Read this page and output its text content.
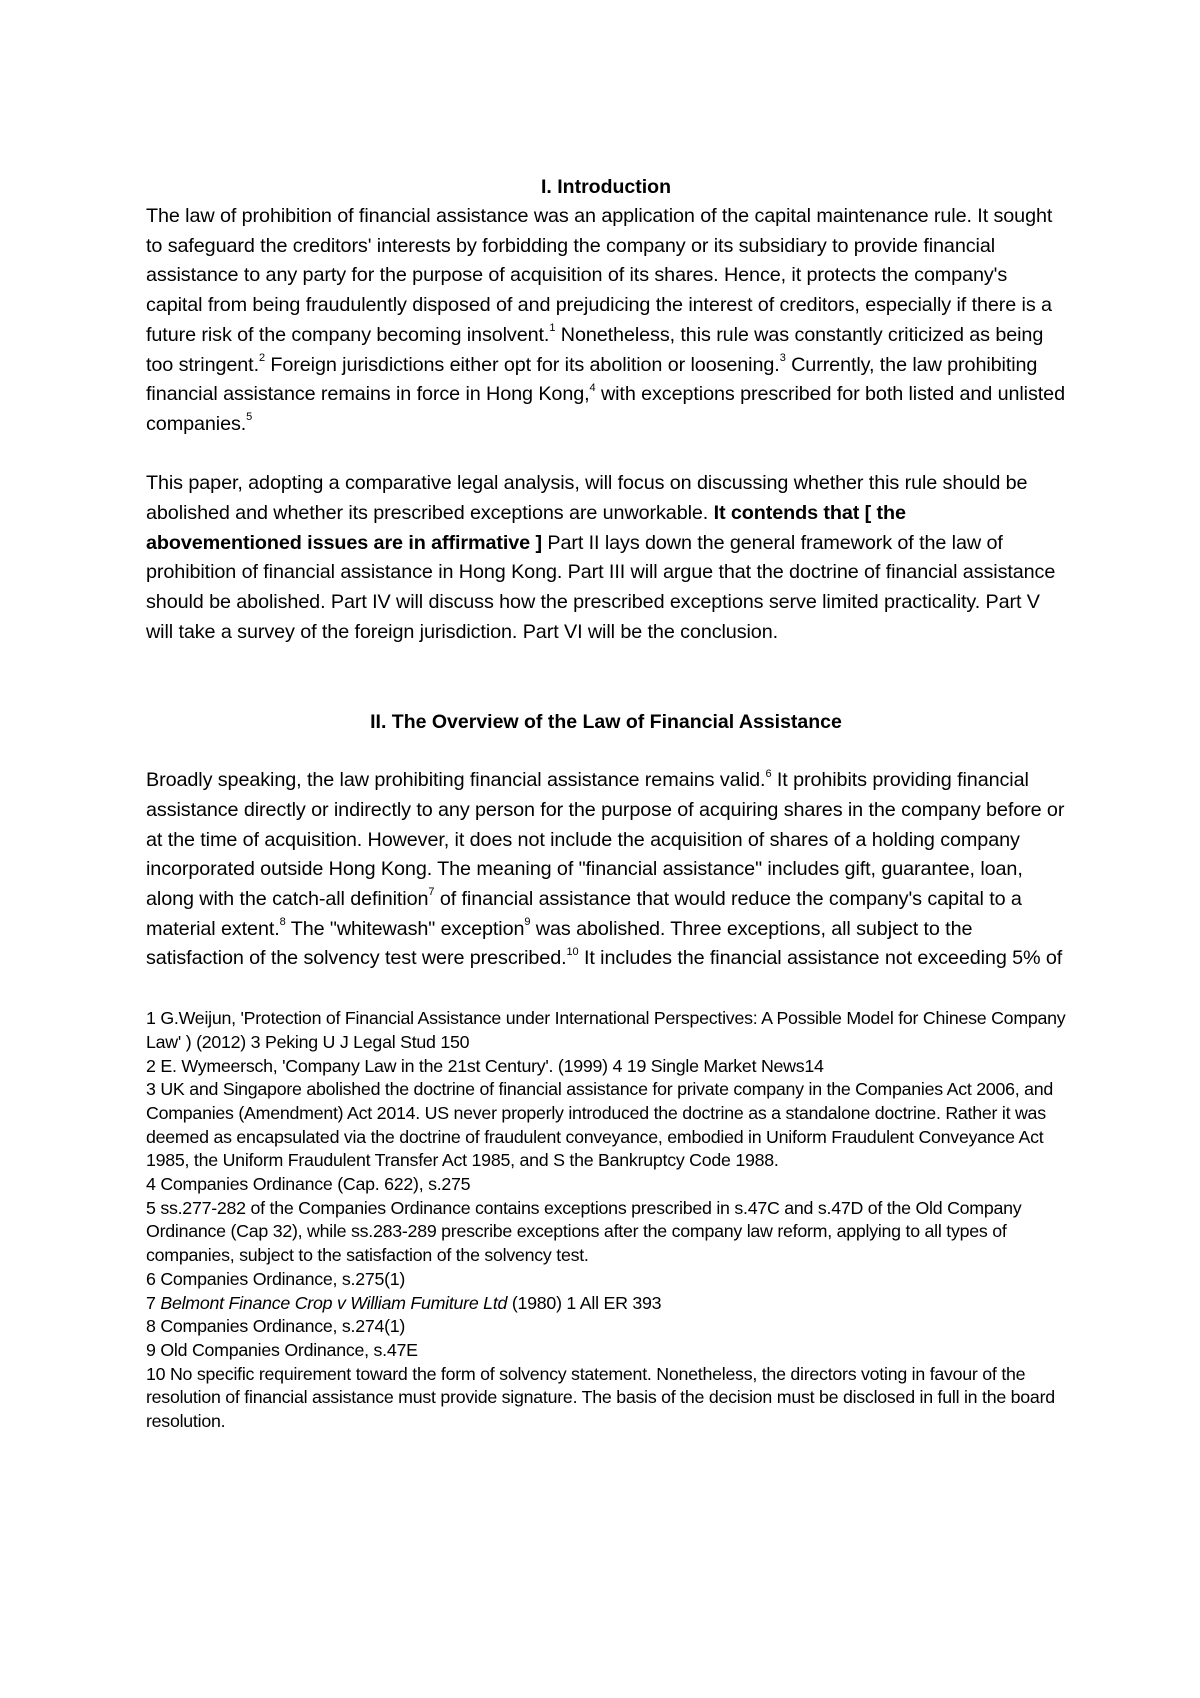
I. Introduction

The law of prohibition of financial assistance was an application of the capital maintenance rule. It sought to safeguard the creditors' interests by forbidding the company or its subsidiary to provide financial assistance to any party for the purpose of acquisition of its shares. Hence, it protects the company's capital from being fraudulently disposed of and prejudicing the interest of creditors, especially if there is a future risk of the company becoming insolvent.$^1$ Nonetheless, this rule was constantly criticized as being too stringent.$^2$ Foreign jurisdictions either opt for its abolition or loosening.$^3$ Currently, the law prohibiting financial assistance remains in force in Hong Kong,$^4$ with exceptions prescribed for both listed and unlisted companies.$^5$

This paper, adopting a comparative legal analysis, will focus on discussing whether this rule should be abolished and whether its prescribed exceptions are unworkable. It contends that [ the abovementioned issues are in affirmative ] Part II lays down the general framework of the law of prohibition of financial assistance in Hong Kong. Part III will argue that the doctrine of financial assistance should be abolished. Part IV will discuss how the prescribed exceptions serve limited practicality. Part V will take a survey of the foreign jurisdiction. Part VI will be the conclusion.

II. The Overview of the Law of Financial Assistance

Broadly speaking, the law prohibiting financial assistance remains valid.$^6$ It prohibits providing financial assistance directly or indirectly to any person for the purpose of acquiring shares in the company before or at the time of acquisition. However, it does not include the acquisition of shares of a holding company incorporated outside Hong Kong. The meaning of "financial assistance" includes gift, guarantee, loan, along with the catch-all definition$^7$ of financial assistance that would reduce the company's capital to a material extent.$^8$ The "whitewash" exception$^9$ was abolished. Three exceptions, all subject to the satisfaction of the solvency test were prescribed.$^{10}$ It includes the financial assistance not exceeding 5% of

1 G.Weijun, 'Protection of Financial Assistance under International Perspectives: A Possible Model for Chinese Company Law' ) (2012) 3 Peking U J Legal Stud 150

2 E. Wymeersch, 'Company Law in the 21st Century'. (1999) 4 19 Single Market News14

3 UK and Singapore abolished the doctrine of financial assistance for private company in the Companies Act 2006, and Companies (Amendment) Act 2014. US never properly introduced the doctrine as a standalone doctrine. Rather it was deemed as encapsulated via the doctrine of fraudulent conveyance, embodied in Uniform Fraudulent Conveyance Act 1985, the Uniform Fraudulent Transfer Act 1985, and S the Bankruptcy Code 1988.

4 Companies Ordinance (Cap. 622), s.275

5 ss.277-282 of the Companies Ordinance contains exceptions prescribed in s.47C and s.47D of the Old Company Ordinance (Cap 32), while ss.283-289 prescribe exceptions after the company law reform, applying to all types of companies, subject to the satisfaction of the solvency test.

6 Companies Ordinance, s.275(1)

7 Belmont Finance Crop v William Fumiture Ltd (1980) 1 All ER 393

8 Companies Ordinance, s.274(1)

9 Old Companies Ordinance, s.47E

10 No specific requirement toward the form of solvency statement. Nonetheless, the directors voting in favour of the resolution of financial assistance must provide signature. The basis of the decision must be disclosed in full in the board resolution.
